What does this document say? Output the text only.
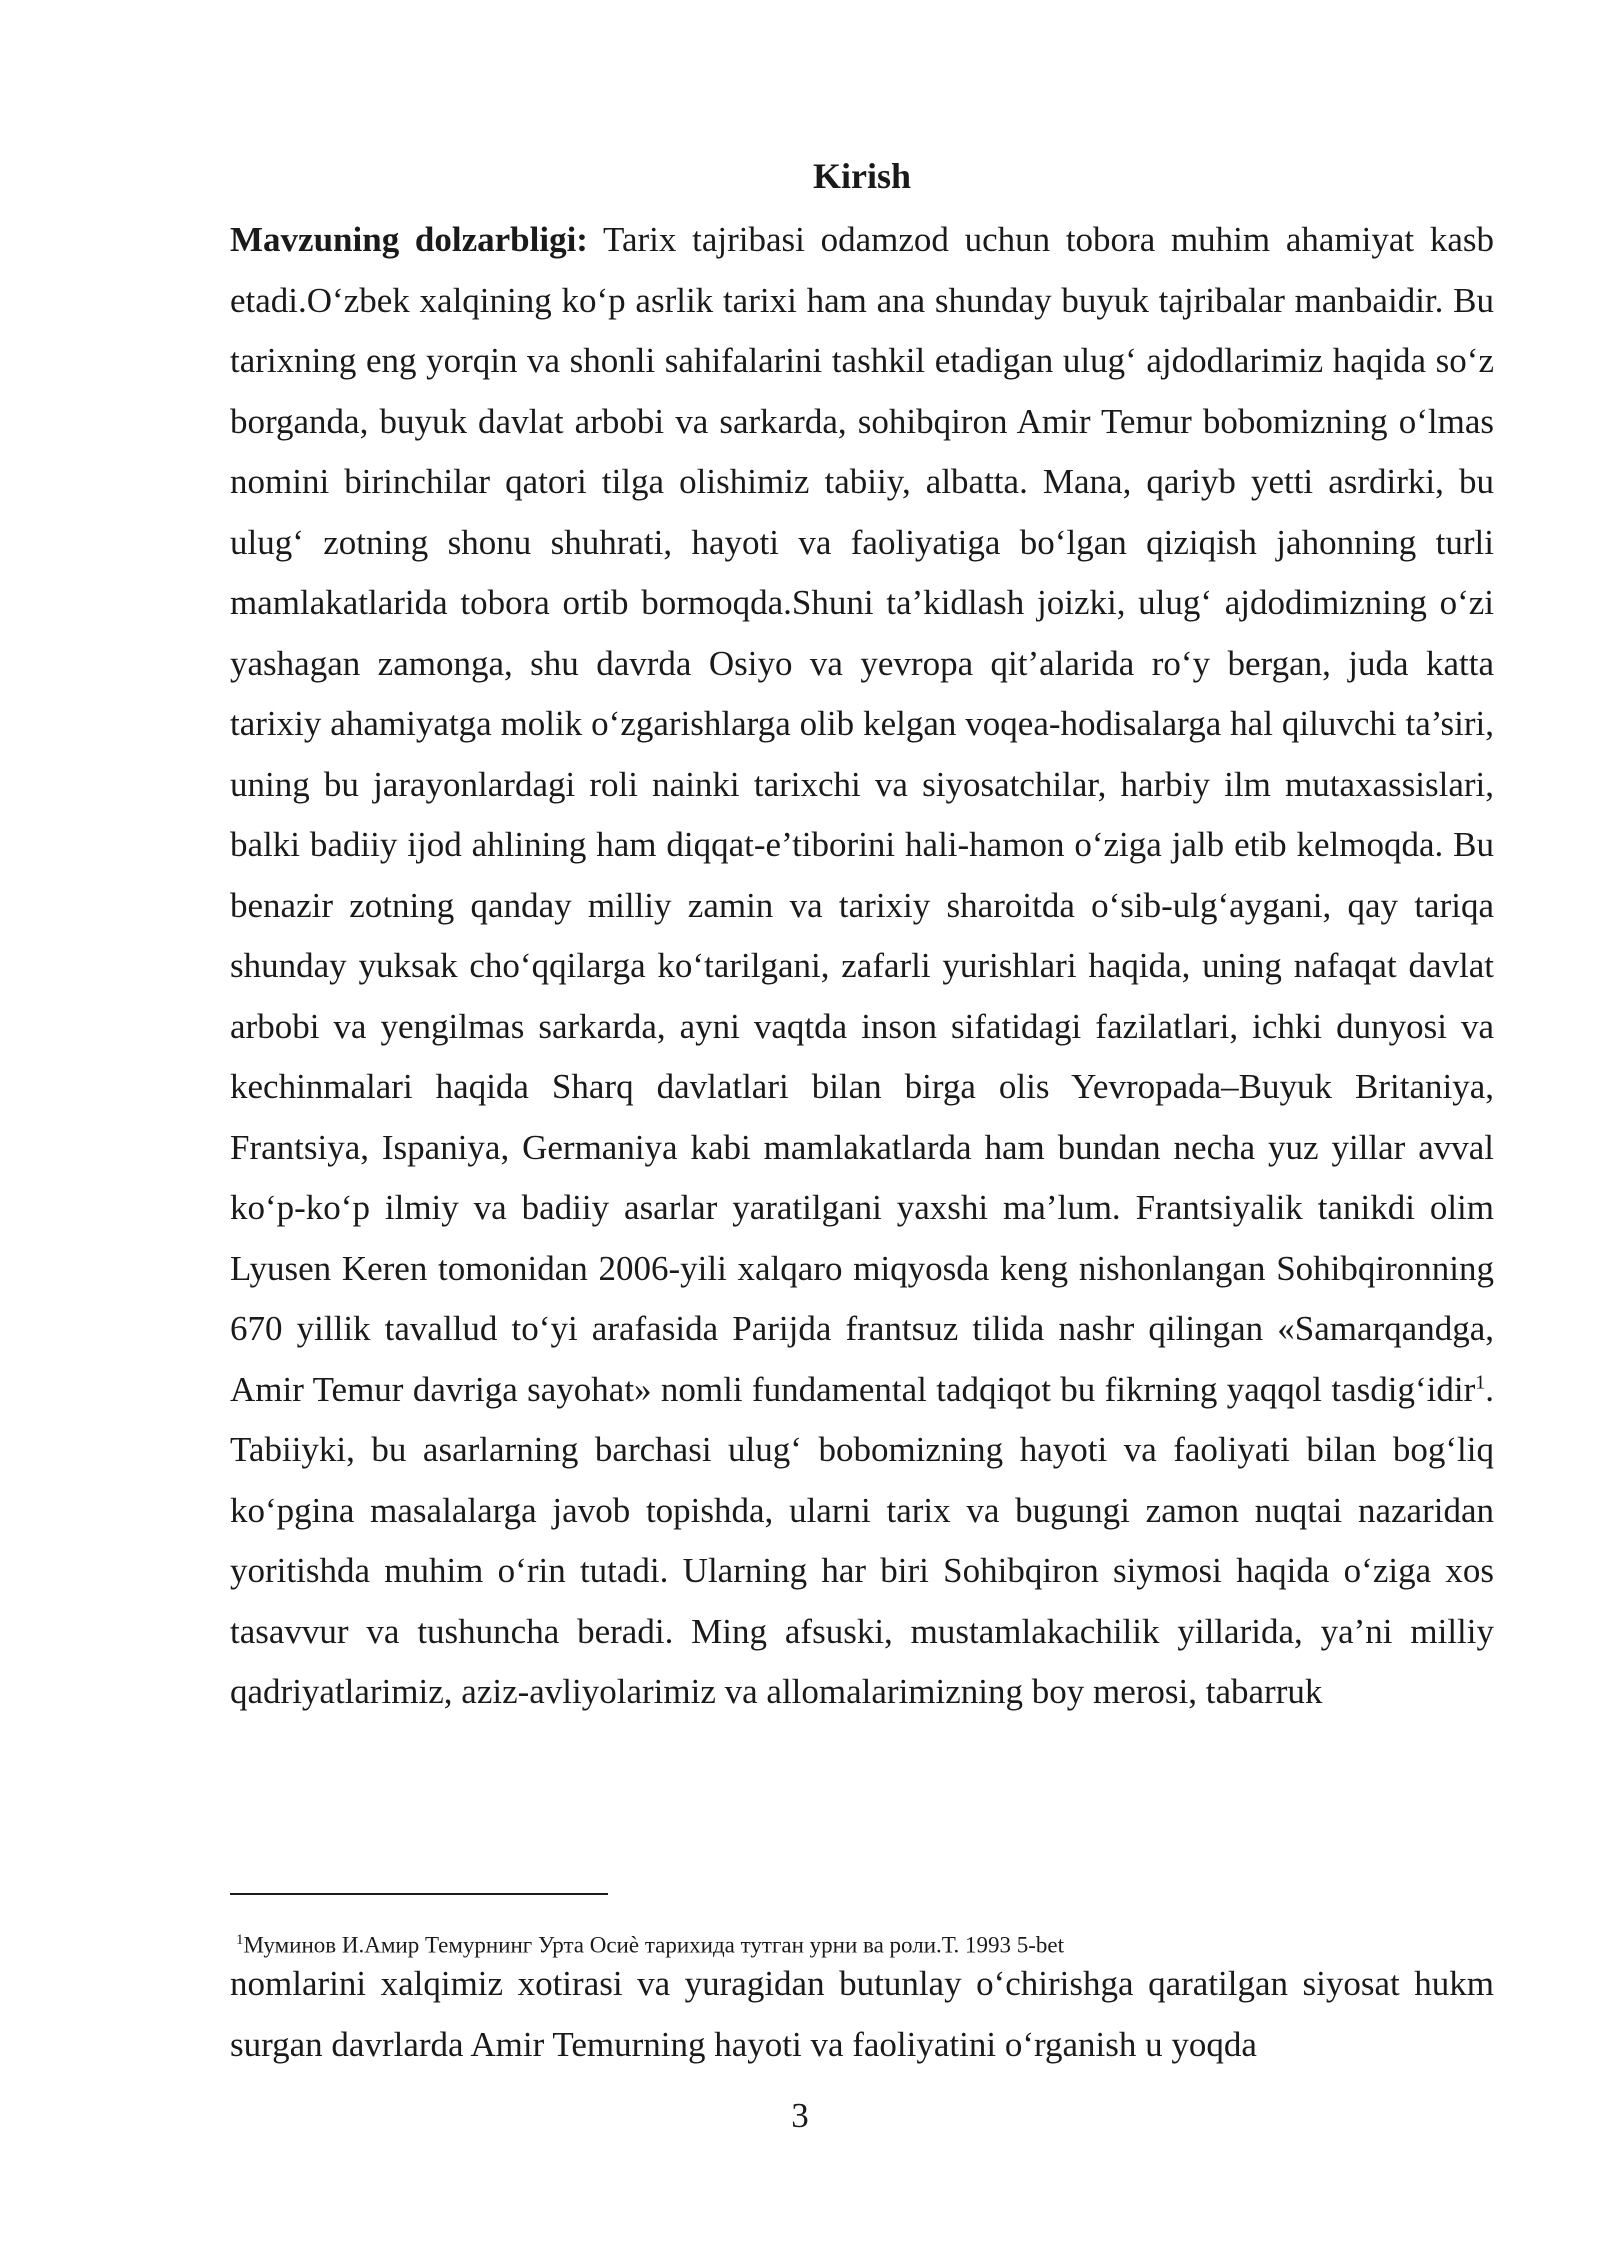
Kirish

Mavzuning dolzarbligi: Tarix tajribasi odamzod uchun tobora muhim ahamiyat kasb etadi.O‘zbek xalqining ko‘p asrlik tarixi ham ana shunday buyuk tajribalar manbaidir. Bu tarixning eng yorqin va shonli sahifalarini tashkil etadigan ulug‘ ajdodlarimiz haqida so‘z borganda, buyuk davlat arbobi va sarkarda, sohibqiron Amir Temur bobomizning o‘lmas nomini birinchilar qatori tilga olishimiz tabiiy, albatta. Mana, qariyb yetti asrdirki, bu ulug‘ zotning shonu shuhrati, hayoti va faoliyatiga bo‘lgan qiziqish jahonning turli mamlakatlarida tobora ortib bormoqda.Shuni ta’kidlash joizki, ulug‘ ajdodimizning o‘zi yashagan zamonga, shu davrda Osiyo va yevropa qit’alarida ro‘y bergan, juda katta tarixiy ahamiyatga molik o‘zgarishlarga olib kelgan voqea-hodisalarga hal qiluvchi ta’siri, uning bu jarayonlardagi roli nainki tarixchi va siyosatchilar, harbiy ilm mutaxassislari, balki badiiy ijod ahlining ham diqqat-e’tiborini hali-hamon o‘ziga jalb etib kelmoqda. Bu benazir zotning qanday milliy zamin va tarixiy sharoitda o‘sib-ulg‘aygani, qay tariqa shunday yuksak cho‘qqilarga ko‘tarilgani, zafarli yurishlari haqida, uning nafaqat davlat arbobi va yengilmas sarkarda, ayni vaqtda inson sifatidagi fazilatlari, ichki dunyosi va kechinmalari haqida Sharq davlatlari bilan birga olis Yevropada–Buyuk Britaniya, Frantsiya, Ispaniya, Germaniya kabi mamlakatlarda ham bundan necha yuz yillar avval ko‘p-ko‘p ilmiy va badiiy asarlar yaratilgani yaxshi ma’lum. Frantsiyalik tanikdi olim Lyusen Keren tomonidan 2006-yili xalqaro miqyosda keng nishonlangan Sohibqironning 670 yillik tavallud to‘yi arafasida Parijda frantsuz tilida nashr qilingan «Samarqandga, Amir Temur davriga sayohat» nomli fundamental tadqiqot bu fikrning yaqqol tasdig‘idir$^1$. Tabiiyki, bu asarlarning barchasi ulug‘ bobomizning hayoti va faoliyati bilan bog‘liq ko‘pgina masalalarga javob topishda, ularni tarix va bugungi zamon nuqtai nazaridan yoritishda muhim o‘rin tutadi. Ularning har biri Sohibqiron siymosi haqida o‘ziga xos tasavvur va tushuncha beradi. Ming afsuski, mustamlakachilik yillarida, ya’ni milliy qadriyatlarimiz, aziz-avliyolarimiz va allomalarimizning boy merosi, tabarruk

$^1$Муминов И.Амир Темурнинг Урта Осиѐ тарихида тутган урни ва роли.Т. 1993 5-bet
nomlarini xalqimiz xotirasi va yuragidan butunlay o‘chirishga qaratilgan siyosat hukm surgan davrlarda Amir Temurning hayoti va faoliyatini o‘rganish u yoqda
3
